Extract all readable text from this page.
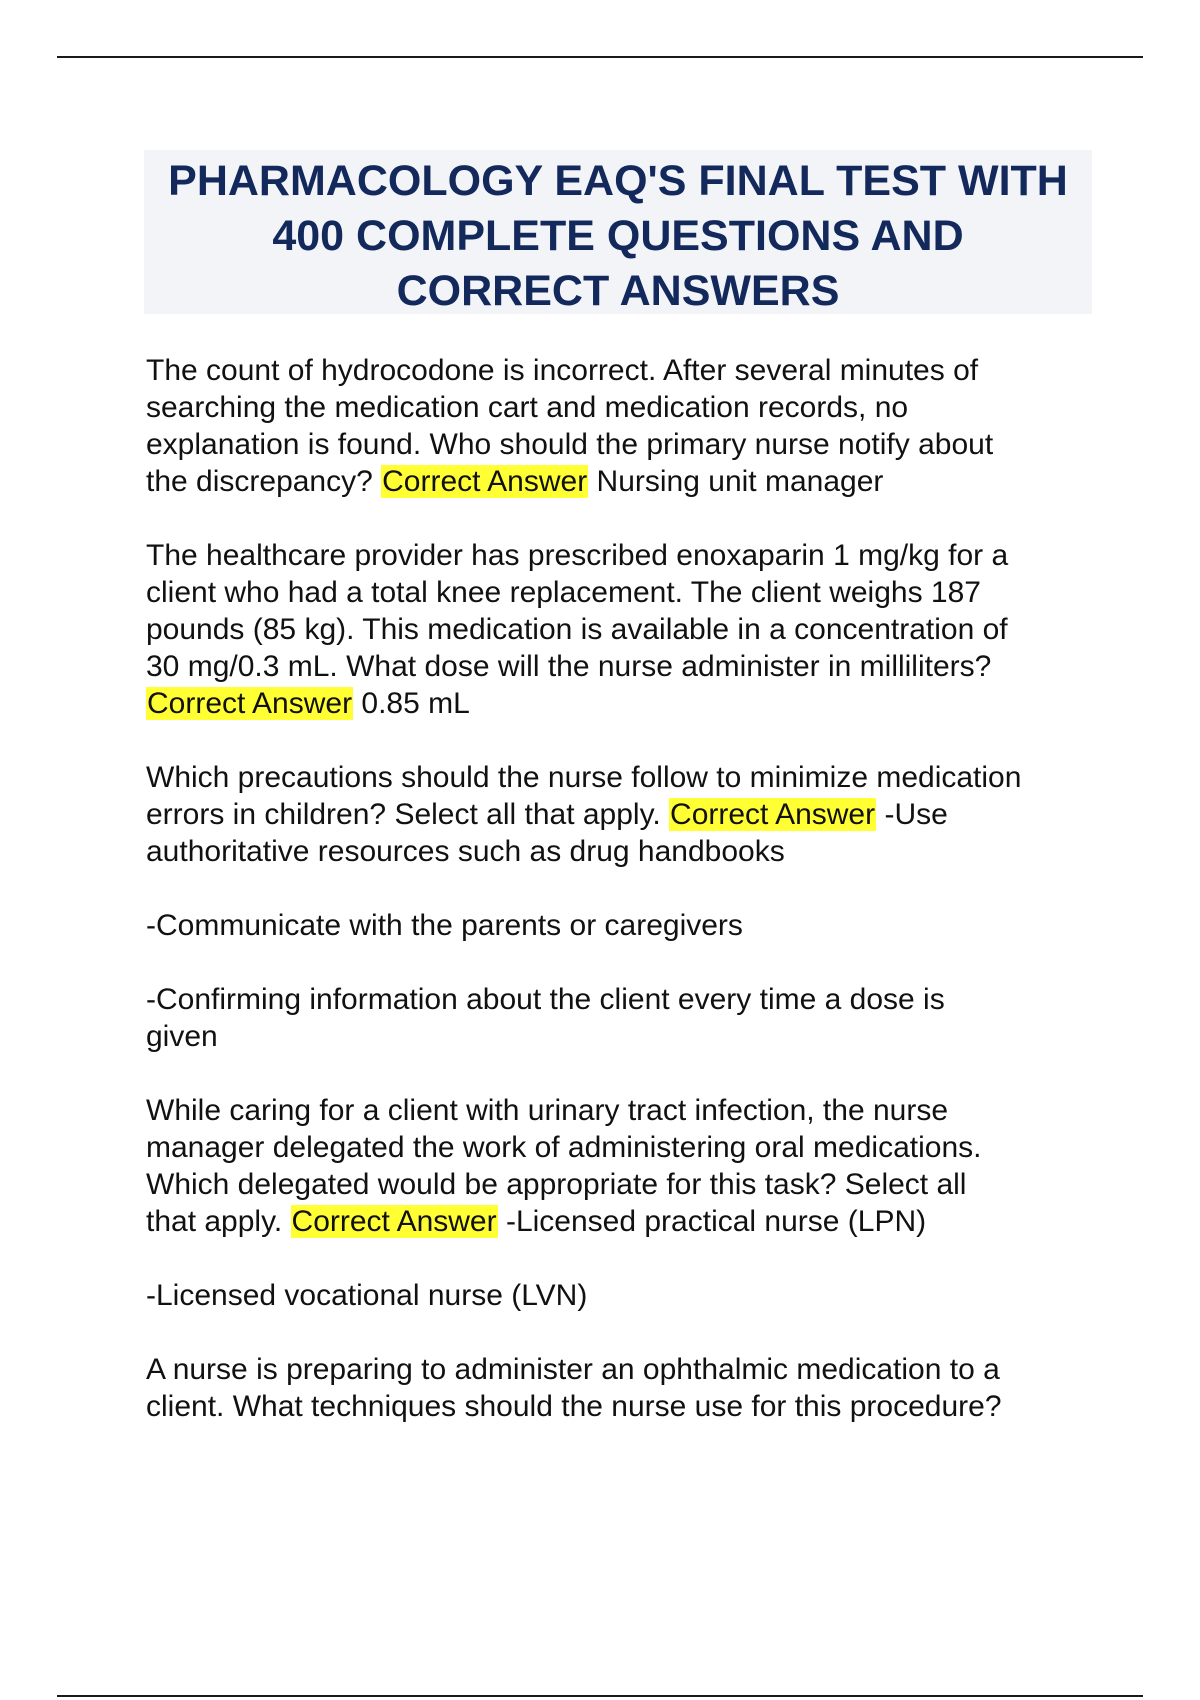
PHARMACOLOGY EAQ'S FINAL TEST WITH
400 COMPLETE QUESTIONS AND
CORRECT ANSWERS

The count of hydrocodone is incorrect. After several minutes of
searching the medication cart and medication records, no
explanation is found. Who should the primary nurse notify about
the discrepancy? Correct Answer Nursing unit manager

The healthcare provider has prescribed enoxaparin 1 mg/kg for a
client who had a total knee replacement. The client weighs 187
pounds (85 kg). This medication is available in a concentration of
30 mg/0.3 mL. What dose will the nurse administer in milliliters?
Correct Answer 0.85 mL

Which precautions should the nurse follow to minimize medication
errors in children? Select all that apply. Correct Answer -Use
authoritative resources such as drug handbooks

-Communicate with the parents or caregivers

-Confirming information about the client every time a dose is
given

While caring for a client with urinary tract infection, the nurse
manager delegated the work of administering oral medications.
Which delegated would be appropriate for this task? Select all
that apply. Correct Answer -Licensed practical nurse (LPN)

-Licensed vocational nurse (LVN)

A nurse is preparing to administer an ophthalmic medication to a
client. What techniques should the nurse use for this procedure?
